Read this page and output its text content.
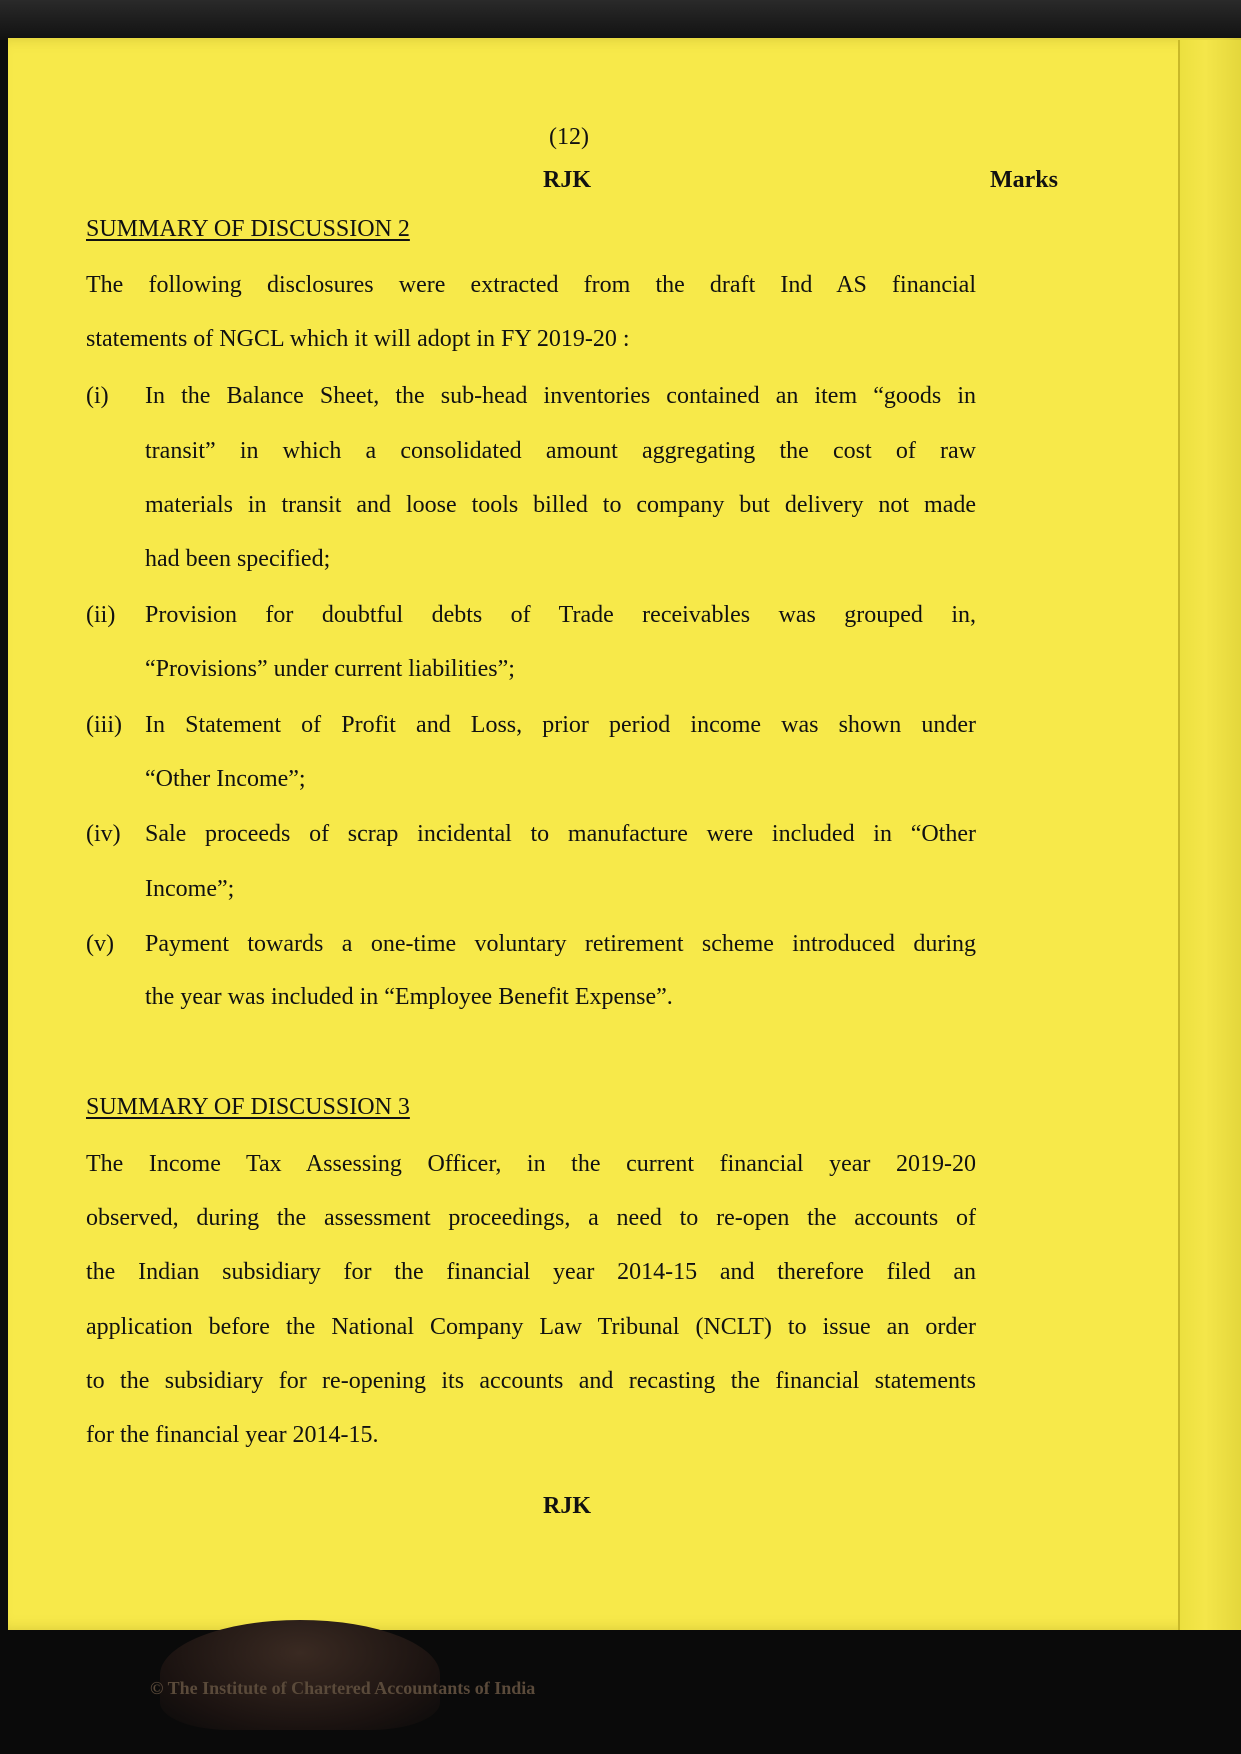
(12)
RJK	Marks
SUMMARY OF DISCUSSION 2
The following disclosures were extracted from the draft Ind AS financial
statements of NGCL which it will adopt in FY 2019-20 :
(i) In the Balance Sheet, the sub-head inventories contained an item “goods in
transit” in which a consolidated amount aggregating the cost of raw
materials in transit and loose tools billed to company but delivery not made
had been specified;
(ii) Provision for doubtful debts of Trade receivables was grouped in,
“Provisions” under current liabilities”;
(iii) In Statement of Profit and Loss, prior period income was shown under
“Other Income”;
(iv) Sale proceeds of scrap incidental to manufacture were included in “Other
Income”;
(v) Payment towards a one-time voluntary retirement scheme introduced during
the year was included in “Employee Benefit Expense”.
SUMMARY OF DISCUSSION 3
The Income Tax Assessing Officer, in the current financial year 2019-20
observed, during the assessment proceedings, a need to re-open the accounts of
the Indian subsidiary for the financial year 2014-15 and therefore filed an
application before the National Company Law Tribunal (NCLT) to issue an order
to the subsidiary for re-opening its accounts and recasting the financial statements
for the financial year 2014-15.
RJK
© The Institute of Chartered Accountants of India
